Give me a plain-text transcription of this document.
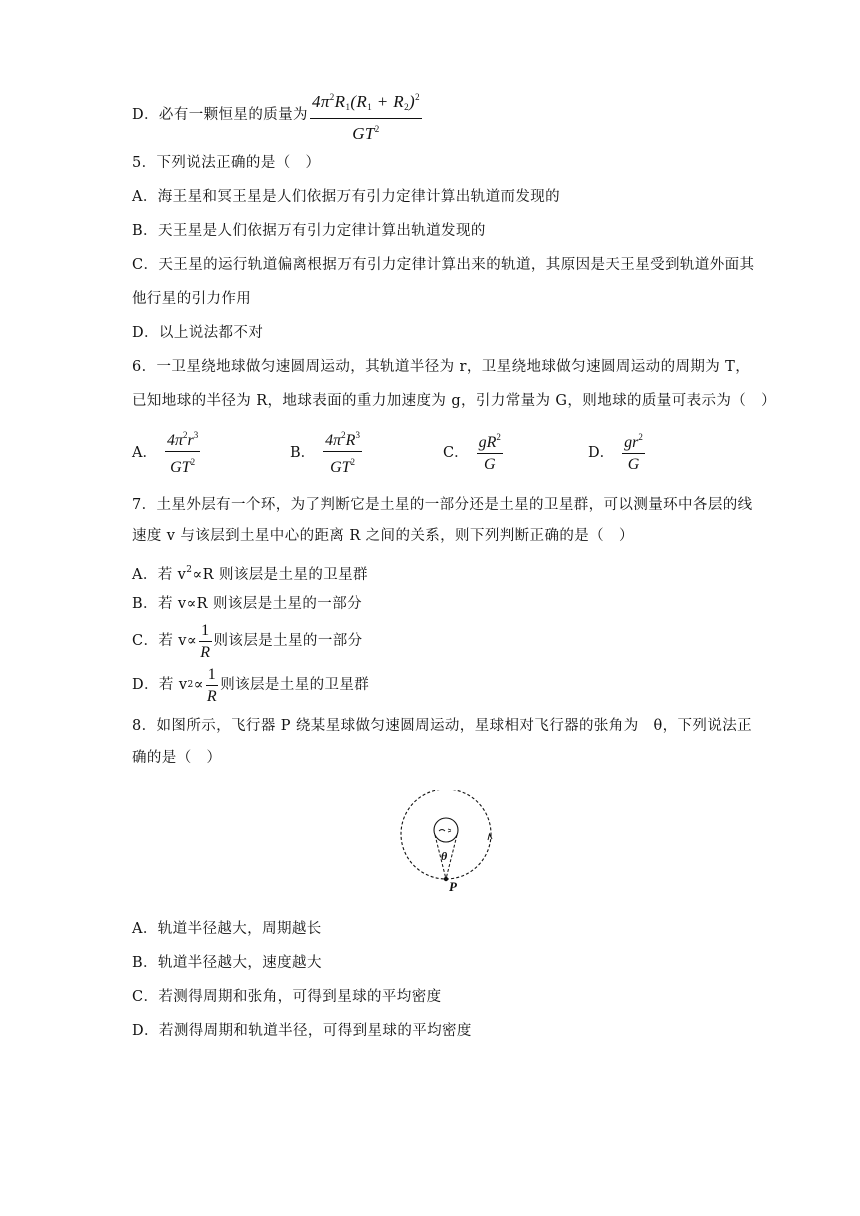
D．必有一颗恒星的质量为 $\frac{4\pi^2R_1(R_1 + R_2)^2}{GT^2}$
5．下列说法正确的是（　）
A．海王星和冥王星是人们依据万有引力定律计算出轨道而发现的
B．天王星是人们依据万有引力定律计算出轨道发现的
C．天王星的运行轨道偏离根据万有引力定律计算出来的轨道，其原因是天王星受到轨道外面其
他行星的引力作用
D．以上说法都不对
6．一卫星绕地球做匀速圆周运动，其轨道半径为 r，卫星绕地球做匀速圆周运动的周期为 T，
已知地球的半径为 R，地球表面的重力加速度为 g，引力常量为 G，则地球的质量可表示为（　）
A． $\frac{4\pi^2r^3}{GT^2}$	B． $\frac{4\pi^2R^3}{GT^2}$	C． $\frac{gR^2}{G}$	D． $\frac{gr^2}{G}$
7．土星外层有一个环，为了判断它是土星的一部分还是土星的卫星群，可以测量环中各层的线
速度 v 与该层到土星中心的距离 R 之间的关系，则下列判断正确的是（　）
A．若 $v^2\propto R$ 则该层是土星的卫星群
B．若 v∝R 则该层是土星的一部分
C．若 $v\propto \frac{1}{R}$ 则该层是土星的一部分
D．若 v $2 \propto \frac{1}{R}$ 则该层是土星的卫星群
8．如图所示，飞行器 P 绕某星球做匀速圆周运动，星球相对飞行器的张角为　θ，下列说法正
确的是（　）
θ
P
A．轨道半径越大，周期越长
B．轨道半径越大，速度越大
C．若测得周期和张角，可得到星球的平均密度
D．若测得周期和轨道半径，可得到星球的平均密度
